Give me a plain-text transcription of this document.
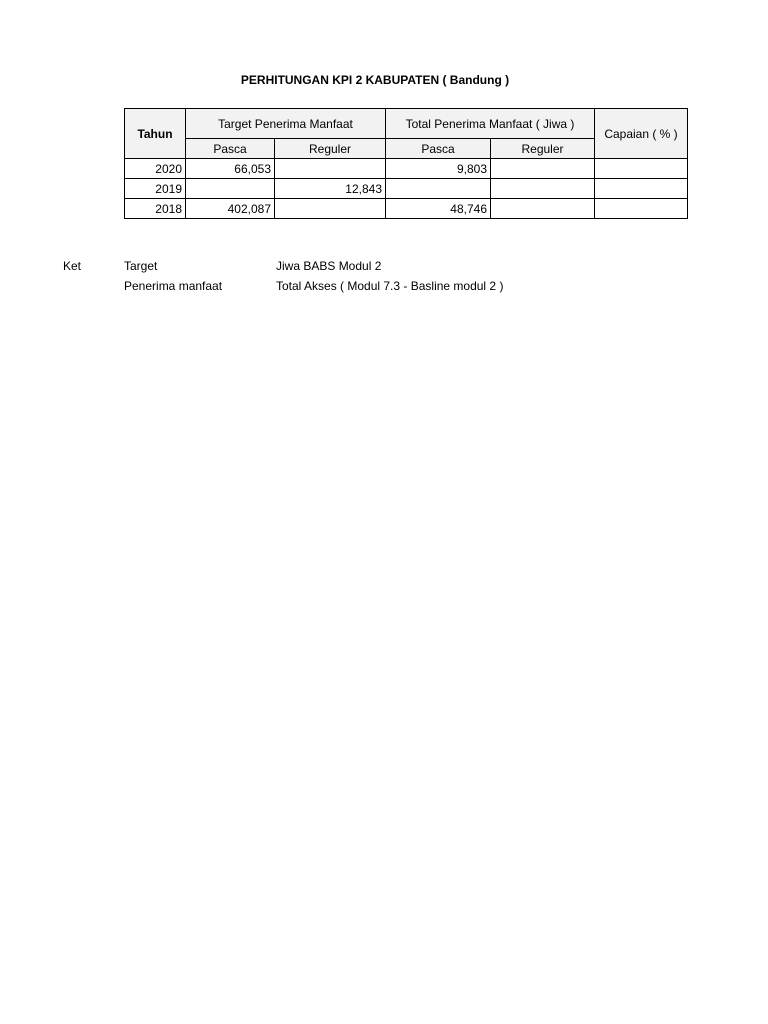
PERHITUNGAN KPI 2 KABUPATEN ( Bandung )
Tahun	Target Penerima Manfaat		Total Penerima Manfaat ( Jiwa )		Capaian ( % )
	Pasca	Reguler	Pasca	Reguler	
2020	66,053		9,803		
2019		12,843			
2018	402,087		48,746		
Ket	Target	Jiwa BABS Modul 2
Penerima manfaat	Total Akses ( Modul 7.3 - Basline modul 2 )
